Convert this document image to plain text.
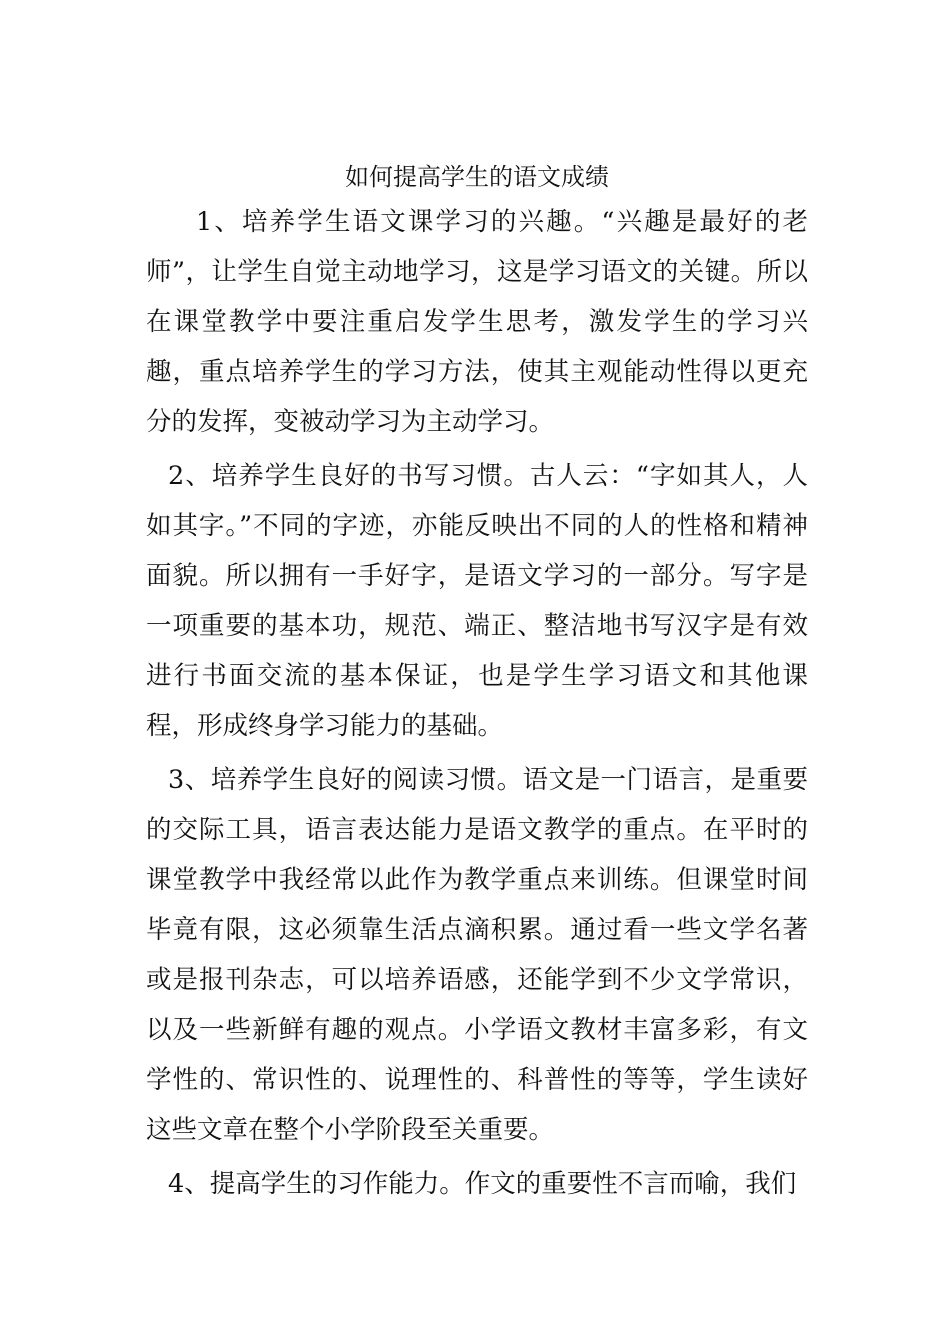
如何提高学生的语文成绩

1、培养学生语文课学习的兴趣。“兴趣是最好的老师”，让学生自觉主动地学习，这是学习语文的关键。所以在课堂教学中要注重启发学生思考，激发学生的学习兴趣，重点培养学生的学习方法，使其主观能动性得以更充分的发挥，变被动学习为主动学习。

2、培养学生良好的书写习惯。古人云：“字如其人，人如其字。”不同的字迹，亦能反映出不同的人的性格和精神面貌。所以拥有一手好字，是语文学习的一部分。写字是一项重要的基本功，规范、端正、整洁地书写汉字是有效进行书面交流的基本保证，也是学生学习语文和其他课程，形成终身学习能力的基础。

3、培养学生良好的阅读习惯。语文是一门语言，是重要的交际工具，语言表达能力是语文教学的重点。在平时的课堂教学中我经常以此作为教学重点来训练。但课堂时间毕竟有限，这必须靠生活点滴积累。通过看一些文学名著或是报刊杂志，可以培养语感，还能学到不少文学常识，以及一些新鲜有趣的观点。小学语文教材丰富多彩，有文学性的、常识性的、说理性的、科普性的等等，学生读好这些文章在整个小学阶段至关重要。

4、提高学生的习作能力。作文的重要性不言而喻，我们
